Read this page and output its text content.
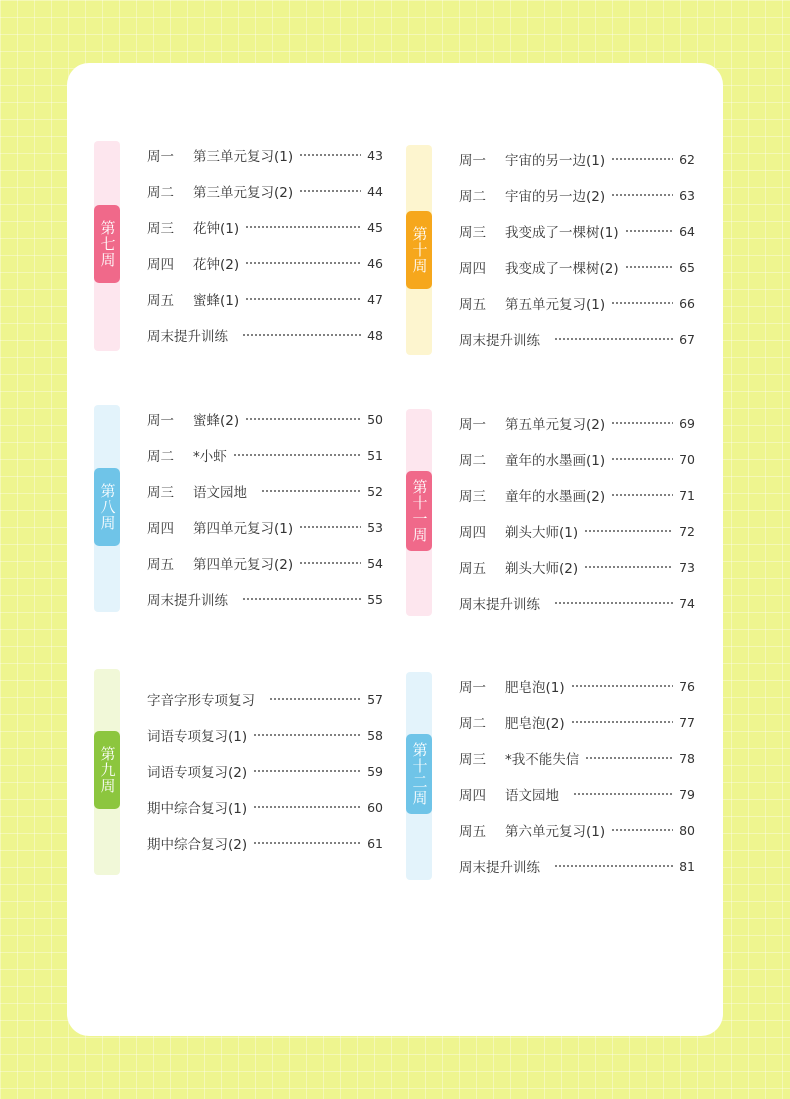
第七周
周一	第三单元复习(1)	43
周二	第三单元复习(2)	44
周三	花钟(1)	45
周四	花钟(2)	46
周五	蜜蜂(1)	47
周末提升训练	48
第十周
周一	宇宙的另一边(1)	62
周二	宇宙的另一边(2)	63
周三	我变成了一棵树(1)	64
周四	我变成了一棵树(2)	65
周五	第五单元复习(1)	66
周末提升训练	67
第八周
周一	蜜蜂(2)	50
周二	*小虾	51
周三	语文园地	52
周四	第四单元复习(1)	53
周五	第四单元复习(2)	54
周末提升训练	55
第十一周
周一	第五单元复习(2)	69
周二	童年的水墨画(1)	70
周三	童年的水墨画(2)	71
周四	剃头大师(1)	72
周五	剃头大师(2)	73
周末提升训练	74
第九周
字音字形专项复习	57
词语专项复习(1)	58
词语专项复习(2)	59
期中综合复习(1)	60
期中综合复习(2)	61
第十二周
周一	肥皂泡(1)	76
周二	肥皂泡(2)	77
周三	*我不能失信	78
周四	语文园地	79
周五	第六单元复习(1)	80
周末提升训练	81
